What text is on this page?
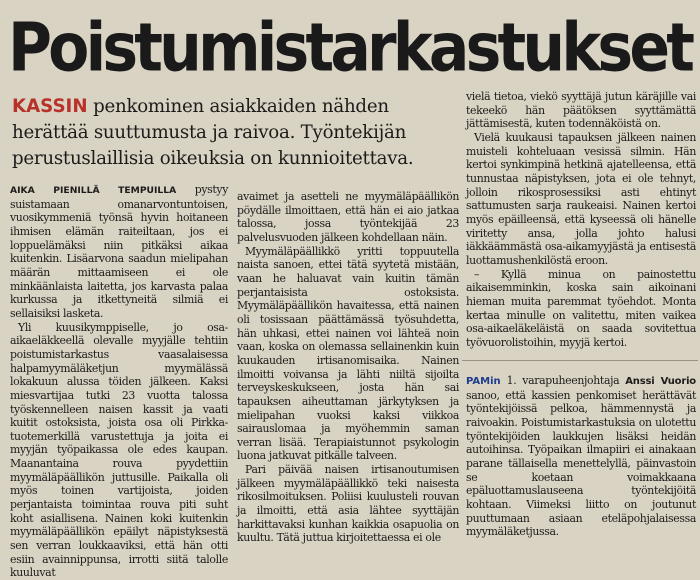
Poistumistarkastukset
KASSIN penkominen asiakkaiden nähden herättää suuttumusta ja raivoa. Työntekijän perustuslaillisia oikeuksia on kunnioitettava.

AIKA PIENILLÄ TEMPUILLA pystyy suistamaan omanarvontuntoisen, vuosikymmeniä työnsä hyvin hoitaneen ihmisen elämän raiteiltaan, jos ei loppuelämäksi niin pitkäksi aikaa kuitenkin. Lisäarvona saadun mielipahan määrän mittaamiseen ei ole minkäänlaista laitetta, jos karvasta palaa kurkussa ja itkettyneitä silmiä ei sellaisiksi lasketa.

Yli kuusikymppiselle, jo osa-aikaeläkkeellä olevalle myyjälle tehtiin poistumistarkastus vaasalaisessa halpamyymäläketjun myymälässä lokakuun alussa töiden jälkeen. Kaksi miesvartijaa tutki 23 vuotta talossa työskennelleen naisen kassit ja vaati kuitit ostoksista, joista osa oli Pirkka-tuotemerkillä varustettuja ja joita ei myyjän työpaikassa ole edes kaupan. Maanantaina rouva pyydettiin myymäläpäällikön juttusille. Paikalla oli myös toinen vartijoista, joiden perjantaista toimintaa rouva piti suht koht asiallisena. Nainen koki kuitenkin myymäläpäällikön epäilyt näpistyksestä sen verran loukkaaviksi, että hän otti esiin avainnippunsa, irrotti siitä talolle kuuluvat

avaimet ja asetteli ne myymäläpäällikön pöydälle ilmoittaen, että hän ei aio jatkaa talossa, jossa työntekijää 23 palvelusvuoden jälkeen kohdellaan näin.

Myymäläpäällikkö yritti toppuutella naista sanoen, ettei tätä syytetä mistään, vaan he haluavat vain kuitin tämän perjantaisista ostoksista. Myymäläpäällikön havaitessa, että nainen oli tosissaan päättämässä työsuhdetta, hän uhkasi, ettei nainen voi lähteä noin vaan, koska on olemassa sellainenkin kuin kuukauden irtisanomisaika. Nainen ilmoitti voivansa ja lähti niiltä sijoilta terveyskeskukseen, josta hän sai tapauksen aiheuttaman järkytyksen ja mielipahan vuoksi kaksi viikkoa sairauslomaa ja myöhemmin saman verran lisää. Terapiaistunnot psykologin luona jatkuvat pitkälle talveen.

Pari päivää naisen irtisanoutumisen jälkeen myymäläpäällikkö teki naisesta rikosilmoituksen. Poliisi kuulusteli rouvan ja ilmoitti, että asia lähtee syyttäjän harkittavaksi kunhan kaikkia osapuolia on kuultu. Tätä juttua kirjoitettaessa ei ole

vielä tietoa, viekö syyttäjä jutun käräjille vai tekeekö hän päätöksen syyttämättä jättämisestä, kuten todennäköistä on.

Vielä kuukausi tapauksen jälkeen nainen muisteli kohteluaan vesissä silmin. Hän kertoi synkimpinä hetkinä ajatelleensa, että tunnustaa näpistyksen, jota ei ole tehnyt, jolloin rikosprosessiksi asti ehtinyt sattumusten sarja raukeaisi. Nainen kertoi myös epäilleensä, että kyseessä oli hänelle viritetty ansa, jolla johto halusi iäkkäämmästä osa-aikamyyjästä ja entisestä luottamushenkilöstä eroon.

– Kyllä minua on painostettu aikaisemminkin, koska sain aikoinani hieman muita paremmat työehdot. Monta kertaa minulle on valitettu, miten vaikea osa-aikaeläkeläistä on saada sovitettua työvuorolistoihin, myyjä kertoi.

PAMin 1. varapuheenjohtaja Anssi Vuorio sanoo, että kassien penkomiset herättävät työntekijöissä pelkoa, hämmennystä ja raivoakin. Poistumistarkastuksia on ulotettu työntekijöiden laukkujen lisäksi heidän autoihinsa. Työpaikan ilmapiiri ei ainakaan parane tällaisella menettelyllä, päinvastoin se koetaan voimakkaana epäluottamuslauseena työntekijöitä kohtaan. Viimeksi liitto on joutunut puuttumaan asiaan eteläpohjalaisessa myymäläketjussa.
